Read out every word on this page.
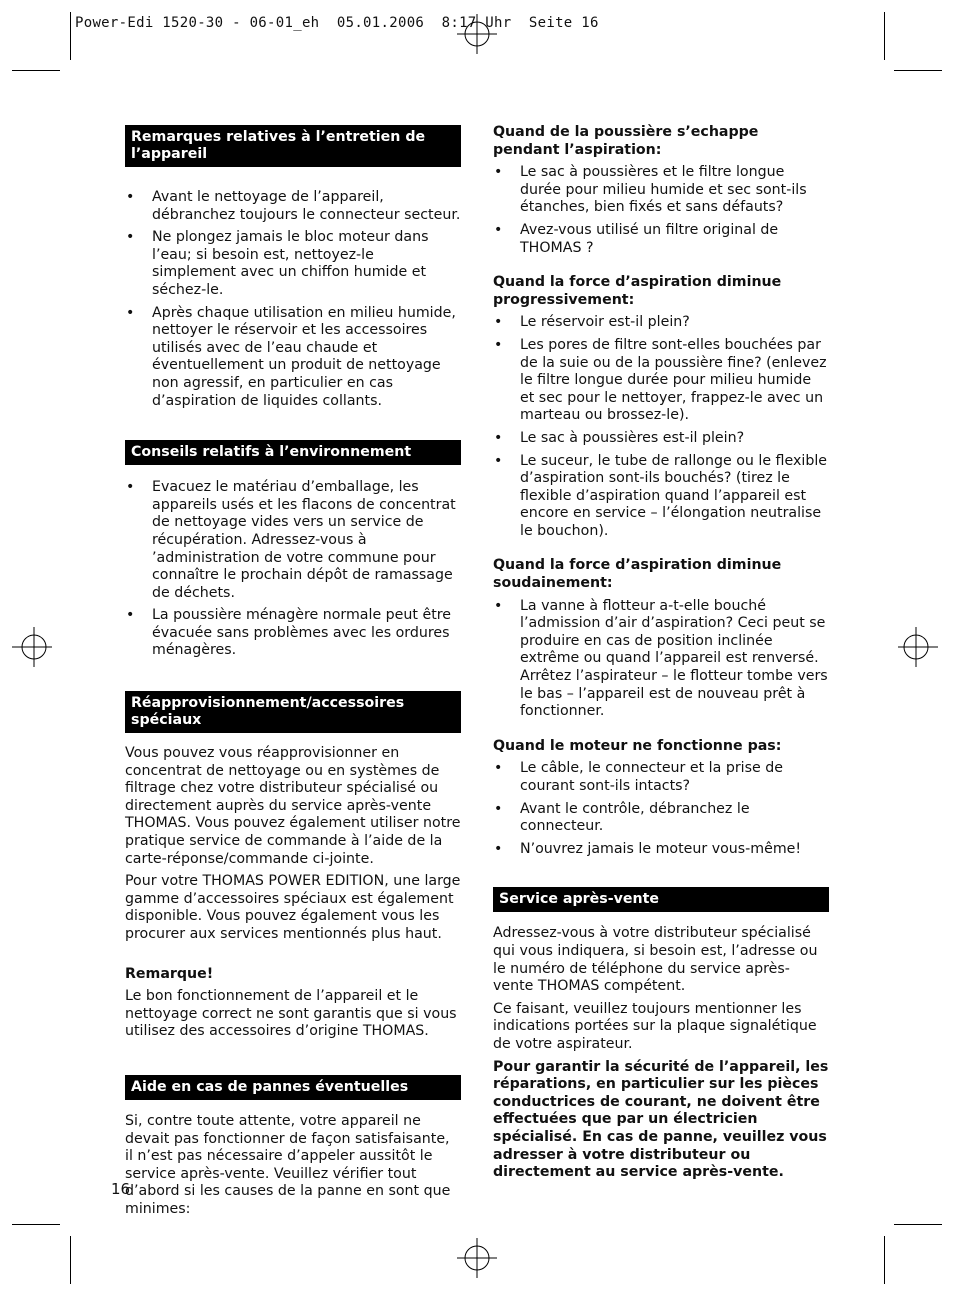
Power-Edi 1520-30 - 06-01_eh  05.01.2006  8:17 Uhr  Seite 16
Remarques relatives à l’entretien de l’appareil
• Avant le nettoyage de l’appareil, débranchez toujours le connecteur secteur.
• Ne plongez jamais le bloc moteur dans l’eau; si besoin est, nettoyez-le simplement avec un chiffon humide et séchez-le.
• Après chaque utilisation en milieu humide, nettoyer le réservoir et les accessoires utilisés avec de l’eau chaude et éventuellement un produit de nettoyage non agressif, en particulier en cas d’aspiration de liquides collants.
Conseils relatifs à l’environnement
• Evacuez le matériau d’emballage, les appareils usés et les flacons de concentrat de nettoyage vides vers un service de récupération. Adressez-vous à ’administration de votre commune pour connaître le prochain dépôt de ramassage de déchets.
• La poussière ménagère normale peut être évacuée sans problèmes avec les ordures ménagères.
Réapprovisionnement/accessoires spéciaux

Vous pouvez vous réapprovisionner en concentrat de nettoyage ou en systèmes de filtrage chez votre distributeur spécialisé ou directement auprès du service après-vente THOMAS. Vous pouvez également utiliser notre pratique service de commande à l’aide de la carte-réponse/commande ci-jointe.

Pour votre THOMAS POWER EDITION, une large gamme d’accessoires spéciaux est également disponible. Vous pouvez également vous les procurer aux services mentionnés plus haut.

Remarque!

Le bon fonctionnement de l’appareil et le nettoyage correct ne sont garantis que si vous utilisez des accessoires d’origine THOMAS.

Aide en cas de pannes éventuelles

Si, contre toute attente, votre appareil ne devait pas fonctionner de façon satisfaisante, il n’est pas nécessaire d’appeler aussitôt le service après-vente. Veuillez vérifier tout d’abord si les causes de la panne en sont que minimes:

Quand de la poussière s’echappe pendant l’aspiration:

• Le sac à poussières et le filtre longue durée pour milieu humide et sec sont-ils étanches, bien fixés et sans défauts?
• Avez-vous utilisé un filtre original de THOMAS ?

Quand la force d’aspiration diminue progressivement:

• Le réservoir est-il plein?
• Les pores de filtre sont-elles bouchées par de la suie ou de la poussière fine? (enlevez le filtre longue durée pour milieu humide et sec pour le nettoyer, frappez-le avec un marteau ou brossez-le).
• Le sac à poussières est-il plein?
• Le suceur, le tube de rallonge ou le flexible d’aspiration sont-ils bouchés? (tirez le flexible d’aspiration quand l’appareil est encore en service – l’élongation neutralise le bouchon).

Quand la force d’aspiration diminue soudainement:

• La vanne à flotteur a-t-elle bouché l’admission d’air d’aspiration? Ceci peut se produire en cas de position inclinée extrême ou quand l’appareil est renversé. Arrêtez l’aspirateur – le flotteur tombe vers le bas – l’appareil est de nouveau prêt à fonctionner.

Quand le moteur ne fonctionne pas:

• Le câble, le connecteur et la prise de courant sont-ils intacts?
• Avant le contrôle, débranchez le connecteur.
• N’ouvrez jamais le moteur vous-même!
Service après-vente

Adressez-vous à votre distributeur spécialisé qui vous indiquera, si besoin est, l’adresse ou le numéro de téléphone du service après-vente THOMAS compétent.

Ce faisant, veuillez toujours mentionner les indications portées sur la plaque signalétique de votre aspirateur.

Pour garantir la sécurité de l’appareil, les réparations, en particulier sur les pièces conductrices de courant, ne doivent être effectuées que par un électricien spécialisé. En cas de panne, veuillez vous adresser à votre distributeur ou directement au service après-vente.

16
